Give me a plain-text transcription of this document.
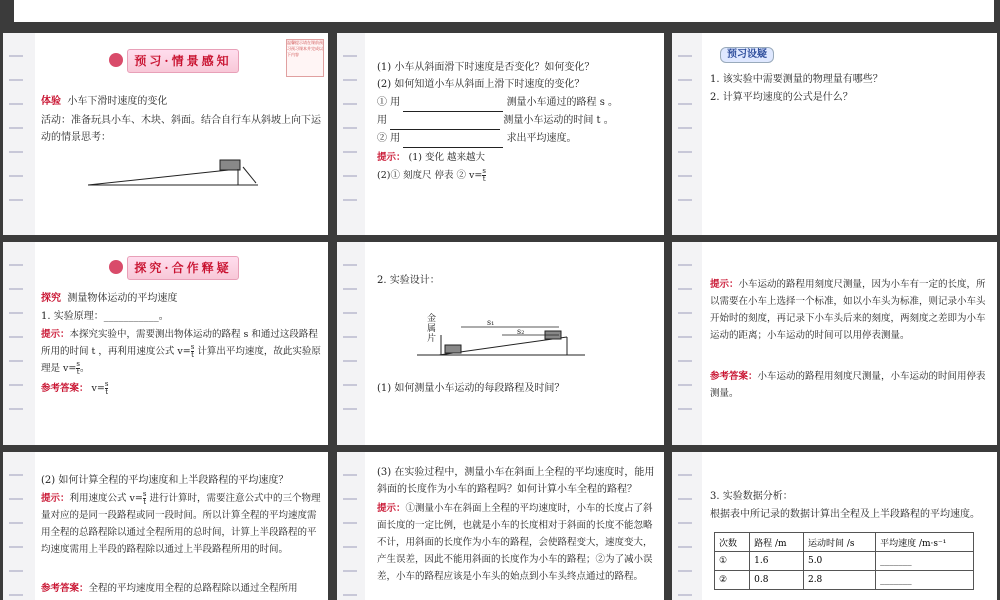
预习·情景感知
温馨提示请在课前预习预习课本并完成以下内容
体验 小车下滑时速度的变化
活动：准备玩具小车、木块、斜面。结合自行车从斜坡上向下运动的情景思考：
(1) 小车从斜面滑下时速度是否变化？如何变化？
(2) 如何知道小车从斜面上滑下时速度的变化？
① 用	测量小车通过的路程 s 。
用	测量小车运动的时间 t 。
② 用	求出平均速度。
提示： (1) 变化 越来越大
(2)① 刻度尺 停表 ② $v= \frac{s}{t}$
预习设疑
1. 该实验中需要测量的物理量有哪些？
2. 计算平均速度的公式是什么？
探究·合作释疑
探究 测量物体运动的平均速度
1. 实验原理：___________。
提示：本探究实验中，需要测出物体运动的路程 s 和通过这段路程所用的时间 t ，再利用速度公式 $v= \frac{s}{t}$ 计算出平均速度，故此实验原理是 $v= \frac{s}{t}$。
参考答案： $v= \frac{s}{t}$
2. 实验设计：
金属片
s₁
s₂
(1) 如何测量小车运动的每段路程及时间？
提示：小车运动的路程用刻度尺测量，因为小车有一定的长度，所以需要在小车上选择一个标准，如以小车头为标准，则记录小车头开始时的刻度，再记录下小车头后来的刻度，两刻度之差即为小车运动的距离；小车运动的时间可以用停表测量。
参考答案：小车运动的路程用刻度尺测量，小车运动的时间用停表测量。
(2) 如何计算全程的平均速度和上半段路程的平均速度？
提示：利用速度公式 $v= \frac{s}{t}$ 进行计算时，需要注意公式中的三个物理量对应的是同一段路程或同一段时间。所以计算全程的平均速度需用全程的总路程除以通过全程所用的总时间，计算上半段路程的平均速度需用上半段的路程除以通过上半段路程所用的时间。
参考答案：全程的平均速度用全程的总路程除以通过全程所用
(3) 在实验过程中，测量小车在斜面上全程的平均速度时，能用斜面的长度作为小车的路程吗？如何计算小车全程的路程？
提示：①测量小车在斜面上全程的平均速度时，小车的长度占了斜面长度的一定比例，也就是小车的长度相对于斜面的长度不能忽略不计，用斜面的长度作为小车的路程，会使路程变大，速度变大，产生误差，因此不能用斜面的长度作为小车的路程；②为了减小误差，小车的路程应该是小车头的始点到小车头终点通过的路程。
3. 实验数据分析：
根据表中所记录的数据计算出全程及上半段路程的平均速度。
次数	路程 /m	运动时间 /s	平均速度 /m·s⁻¹
①	1.6	5.0	_______
②	0.8	2.8	_______
